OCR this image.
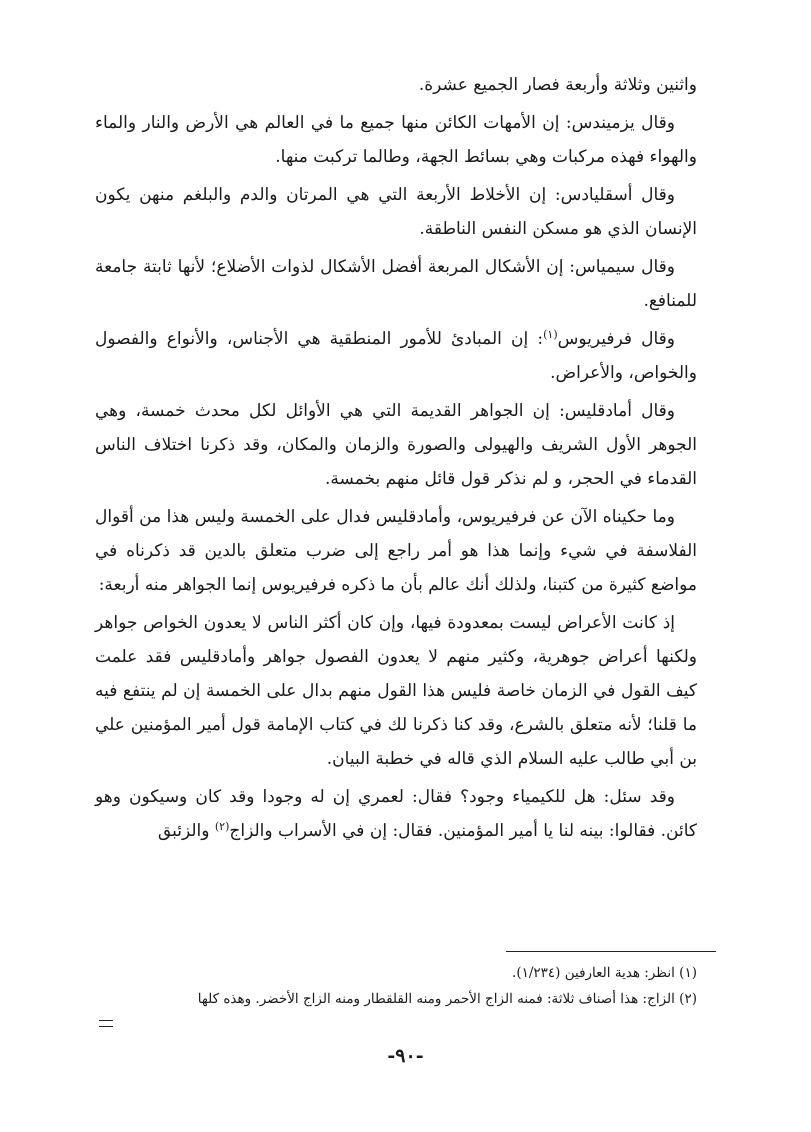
واثنين وثلاثة وأربعة فصار الجميع عشرة.

وقال يزميندس: إن الأمهات الكائن منها جميع ما في العالم هي الأرض والنار والماء والهواء فهذه مركبات وهي بسائط الجهة، وطالما تركبت منها.

وقال أسقليادس: إن الأخلاط الأربعة التي هي المرتان والدم والبلغم منهن يكون الإنسان الذي هو مسكن النفس الناطقة.

وقال سيمياس: إن الأشكال المربعة أفضل الأشكال لذوات الأضلاع؛ لأنها ثابتة جامعة للمنافع.

وقال فرفيريوس$^{(١)}$: إن المبادئ للأمور المنطقية هي الأجناس، والأنواع والفصول والخواص، والأعراض.

وقال أمادقليس: إن الجواهر القديمة التي هي الأوائل لكل محدث خمسة، وهي الجوهر الأول الشريف والهيولى والصورة والزمان والمكان، وقد ذكرنا اختلاف الناس القدماء في الحجر، و لم نذكر قول قائل منهم بخمسة.

وما حكيناه الآن عن فرفيريوس، وأمادقليس فدال على الخمسة وليس هذا من أقوال الفلاسفة في شيء وإنما هذا هو أمر راجع إلى ضرب متعلق بالدين قد ذكرناه في مواضع كثيرة من كتبنا، ولذلك أنك عالم بأن ما ذكره فرفيريوس إنما الجواهر منه أربعة:

إذ كانت الأعراض ليست بمعدودة فيها، وإن كان أكثر الناس لا يعدون الخواص جواهر ولكنها أعراض جوهرية، وكثير منهم لا يعدون الفصول جواهر وأمادقليس فقد علمت كيف القول في الزمان خاصة فليس هذا القول منهم بدال على الخمسة إن لم ينتفع فيه ما قلنا؛ لأنه متعلق بالشرع، وقد كنا ذكرنا لك في كتاب الإمامة قول أمير المؤمنين علي بن أبي طالب عليه السلام الذي قاله في خطبة البيان.

وقد سئل: هل للكيمياء وجود؟ فقال: لعمري إن له وجودا وقد كان وسيكون وهو كائن. فقالوا: بينه لنا يا أمير المؤمنين. فقال: إن في الأسراب والزاج$^{(٢)}$ والزئبق

(١) انظر: هدية العارفين (١/٢٣٤).

(٢) الزاج: هذا أصناف ثلاثة: فمنه الزاج الأحمر ومنه القلقطار ومنه الزاج الأخضر. وهذه كلها

-٩٠-
